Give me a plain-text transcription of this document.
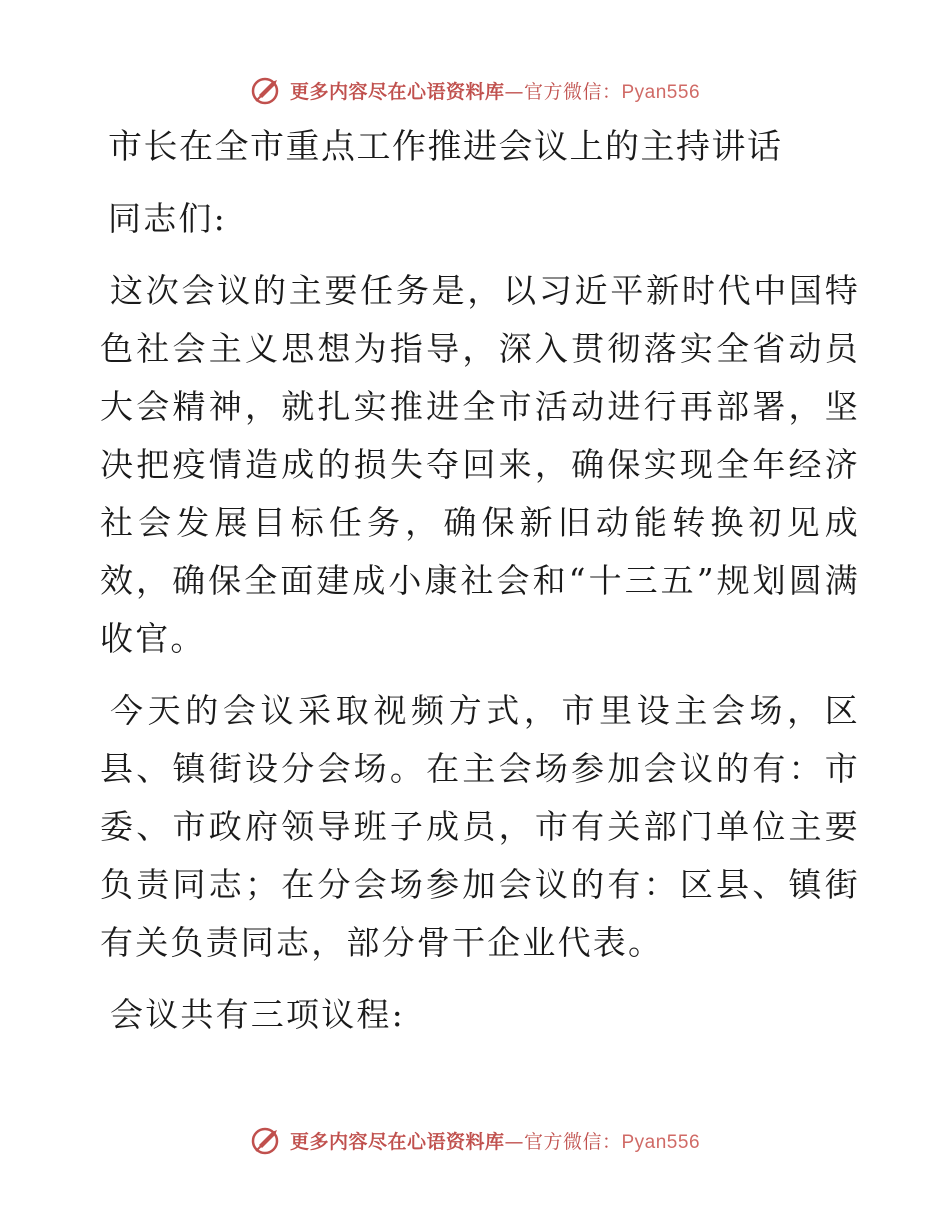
更多内容尽在心语资料库—官方微信：Pyan556
市长在全市重点工作推进会议上的主持讲话

同志们:

这次会议的主要任务是，以习近平新时代中国特色社会主义思想为指导，深入贯彻落实全省动员大会精神，就扎实推进全市活动进行再部署，坚决把疫情造成的损失夺回来，确保实现全年经济社会发展目标任务，确保新旧动能转换初见成效，确保全面建成小康社会和“十三五”规划圆满收官。

今天的会议采取视频方式，市里设主会场，区县、镇街设分会场。在主会场参加会议的有：市委、市政府领导班子成员，市有关部门单位主要负责同志；在分会场参加会议的有：区县、镇街有关负责同志，部分骨干企业代表。

会议共有三项议程:

更多内容尽在心语资料库—官方微信：Pyan556
